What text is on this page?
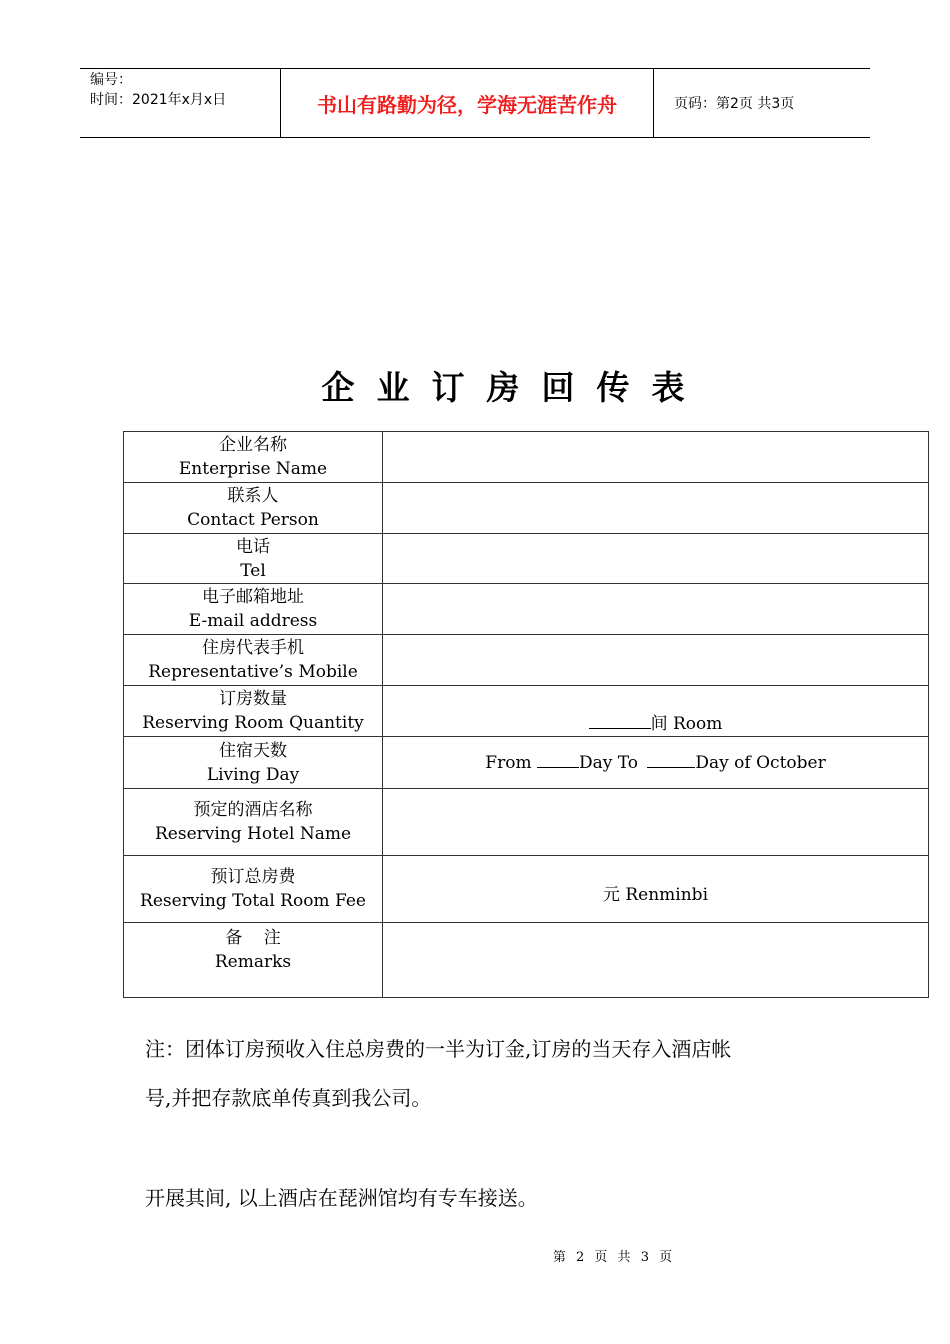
编号：
时间：2021年x月x日	书山有路勤为径，学海无涯苦作舟	页码：第2页 共3页
企业订房回传表
企业名称
Enterprise Name	

联系人
Contact Person	

电话
Tel	

电子邮箱地址
E-mail address	

住房代表手机
Representative’s Mobile	

订房数量
Reserving Room Quantity	间 Room

住宿天数
Living Day	From Day To Day of October

预定的酒店名称
Reserving Hotel Name	

预订总房费
Reserving Total Room Fee	元 Renminbi

备    注
Remarks	

注：团体订房预收入住总房费的一半为订金,订房的当天存入酒店帐
号,并把存款底单传真到我公司。
开展其间, 以上酒店在琵洲馆均有专车接送。
第 2 页 共 3 页
